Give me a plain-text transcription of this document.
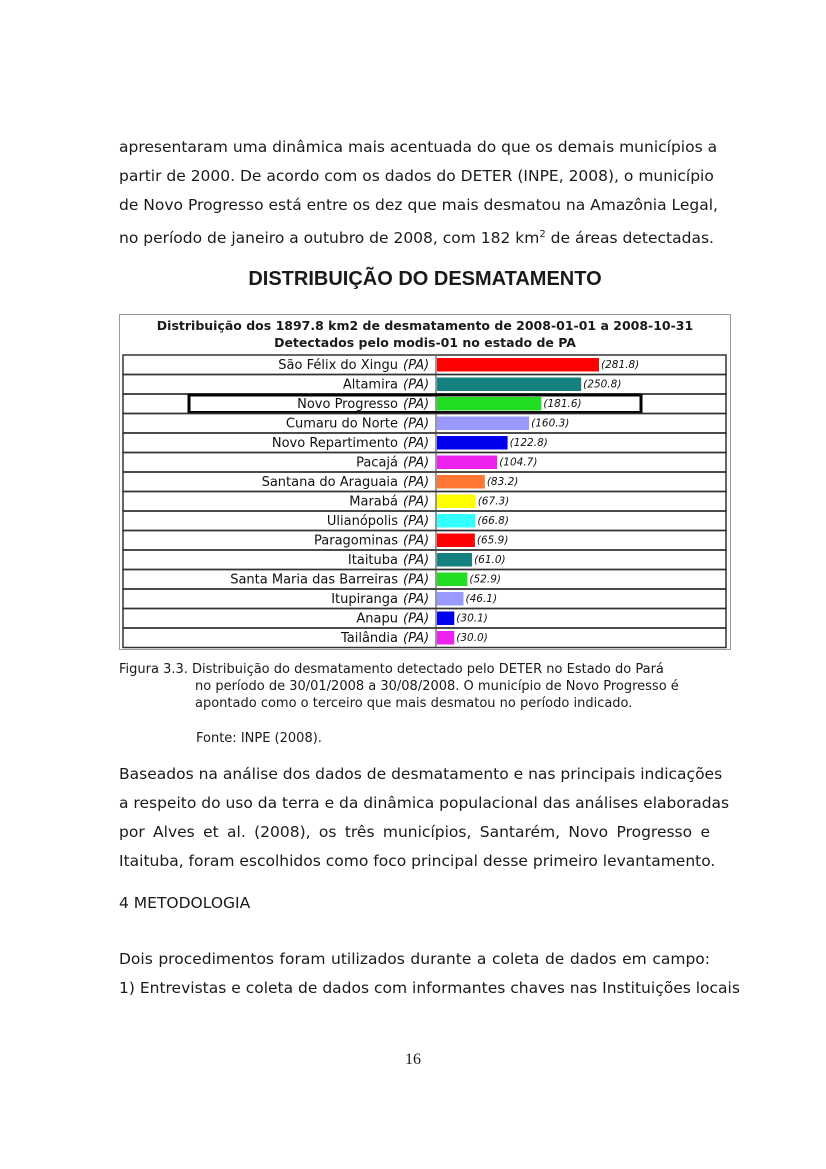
apresentaram uma dinâmica mais acentuada do que os demais municípios a
partir de 2000. De acordo com os dados do DETER (INPE, 2008), o município
de Novo Progresso está entre os dez que mais desmatou na Amazônia Legal,
no período de janeiro a outubro de 2008, com 182 $km^2$ de áreas detectadas.
DISTRIBUIÇÃO DO DESMATAMENTO
Distribuição dos 1897.8 km2 de desmatamento de 2008-01-01 a 2008-10-31
Detectados pelo modis-01 no estado de PA
São Félix do Xingu (PA)	(281.8)
Altamira (PA)	(250.8)
Novo Progresso (PA)	(181.6)
Cumaru do Norte (PA)	(160.3)
Novo Repartimento (PA)	(122.8)
Pacajá (PA)	(104.7)
Santana do Araguaia (PA)	(83.2)
Marabá (PA)	(67.3)
Ulianópolis (PA)	(66.8)
Paragominas (PA)	(65.9)
Itaituba (PA)	(61.0)
Santa Maria das Barreiras (PA)	(52.9)
Itupiranga (PA)	(46.1)
Anapu (PA)	(30.1)
Tailândia (PA)	(30.0)
Figura 3.3. Distribuição do desmatamento detectado pelo DETER no Estado do Pará
no período de 30/01/2008 a 30/08/2008. O município de Novo Progresso é
apontado como o terceiro que mais desmatou no período indicado.
Fonte: INPE (2008).
Baseados na análise dos dados de desmatamento e nas principais indicações
a respeito do uso da terra e da dinâmica populacional das análises elaboradas
por Alves et al. (2008), os três municípios, Santarém, Novo Progresso e
Itaituba, foram escolhidos como foco principal desse primeiro levantamento.
4 METODOLOGIA
Dois procedimentos foram utilizados durante a coleta de dados em campo:
1) Entrevistas e coleta de dados com informantes chaves nas Instituições locais
16
